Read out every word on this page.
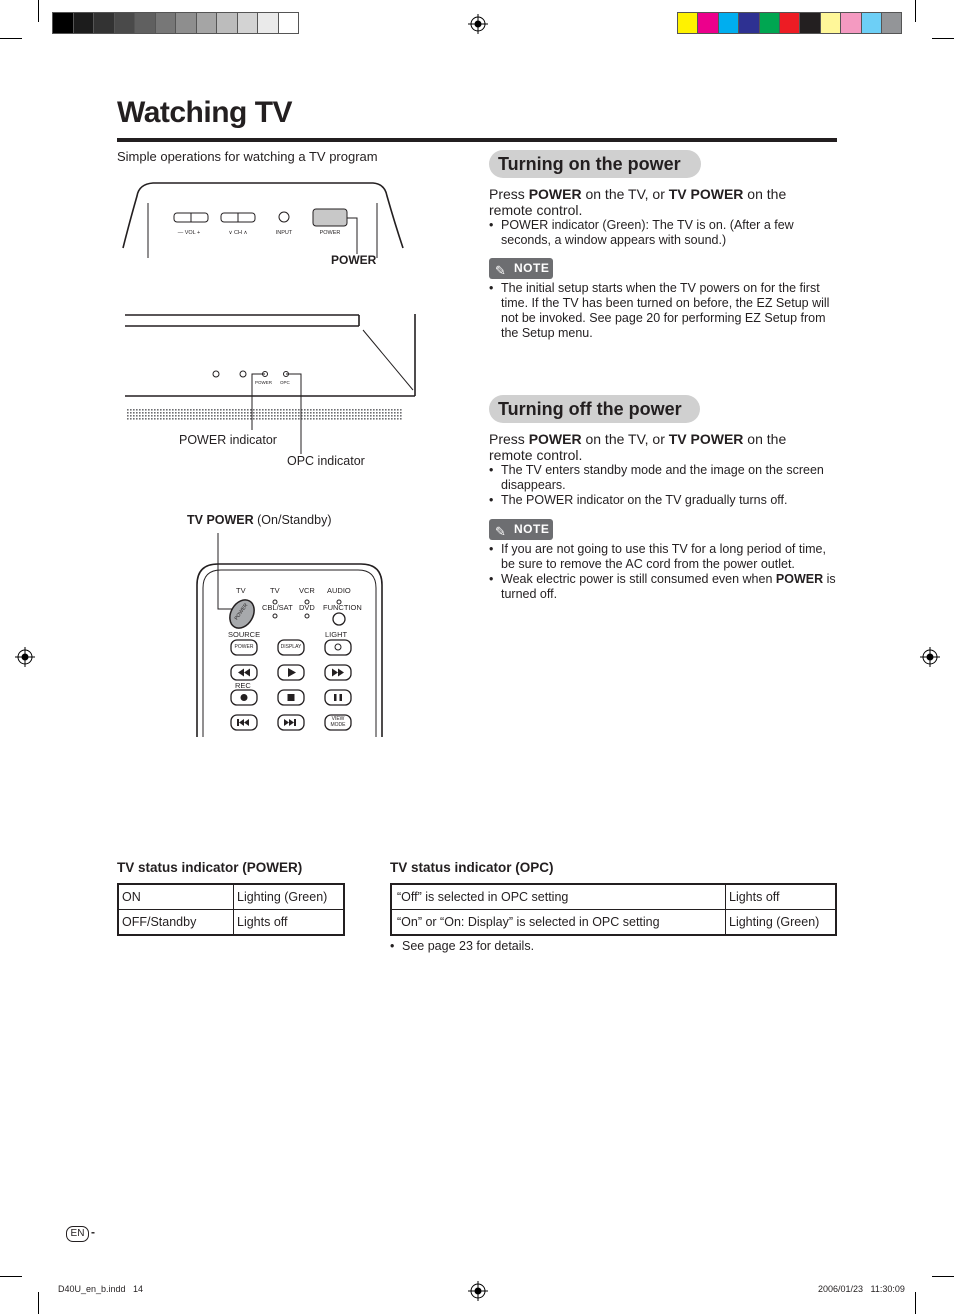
Watching TV
Simple operations for watching a TV program
— VOL +	∨ CH ∧	INPUT	POWER
POWER
POWER OPC
POWER indicator
OPC indicator
TV POWER (On/Standby)
TV	TV	VCR AUDIO
POWER CBL/SAT DVD FUNCTION
SOURCE	LIGHT
POWER	DISPLAY
REC
VIEW
MODE
Turning on the power
Press POWER on the TV, or TV POWER on the
remote control.
• POWER indicator (Green): The TV is on. (After a few seconds, a window appears with sound.)
✎ NOTE
• The initial setup starts when the TV powers on for the first time. If the TV has been turned on before, the EZ Setup will not be invoked. See page 20 for performing EZ Setup from the Setup menu.
Turning off the power
Press POWER on the TV, or TV POWER on the
remote control.
• The TV enters standby mode and the image on the screen disappears.
• The POWER indicator on the TV gradually turns off.
✎ NOTE
• If you are not going to use this TV for a long period of time, be sure to remove the AC cord from the power outlet.
• Weak electric power is still consumed even when POWER is turned off.
TV status indicator (POWER)
ON	Lighting (Green)
OFF/Standby	Lights off
TV status indicator (OPC)
“Off” is selected in OPC setting	Lights off
“On” or “On: Display” is selected in OPC setting	Lighting (Green)
• See page 23 for details.
EN -
D40U_en_b.indd   14	2006/01/23   11:30:09
